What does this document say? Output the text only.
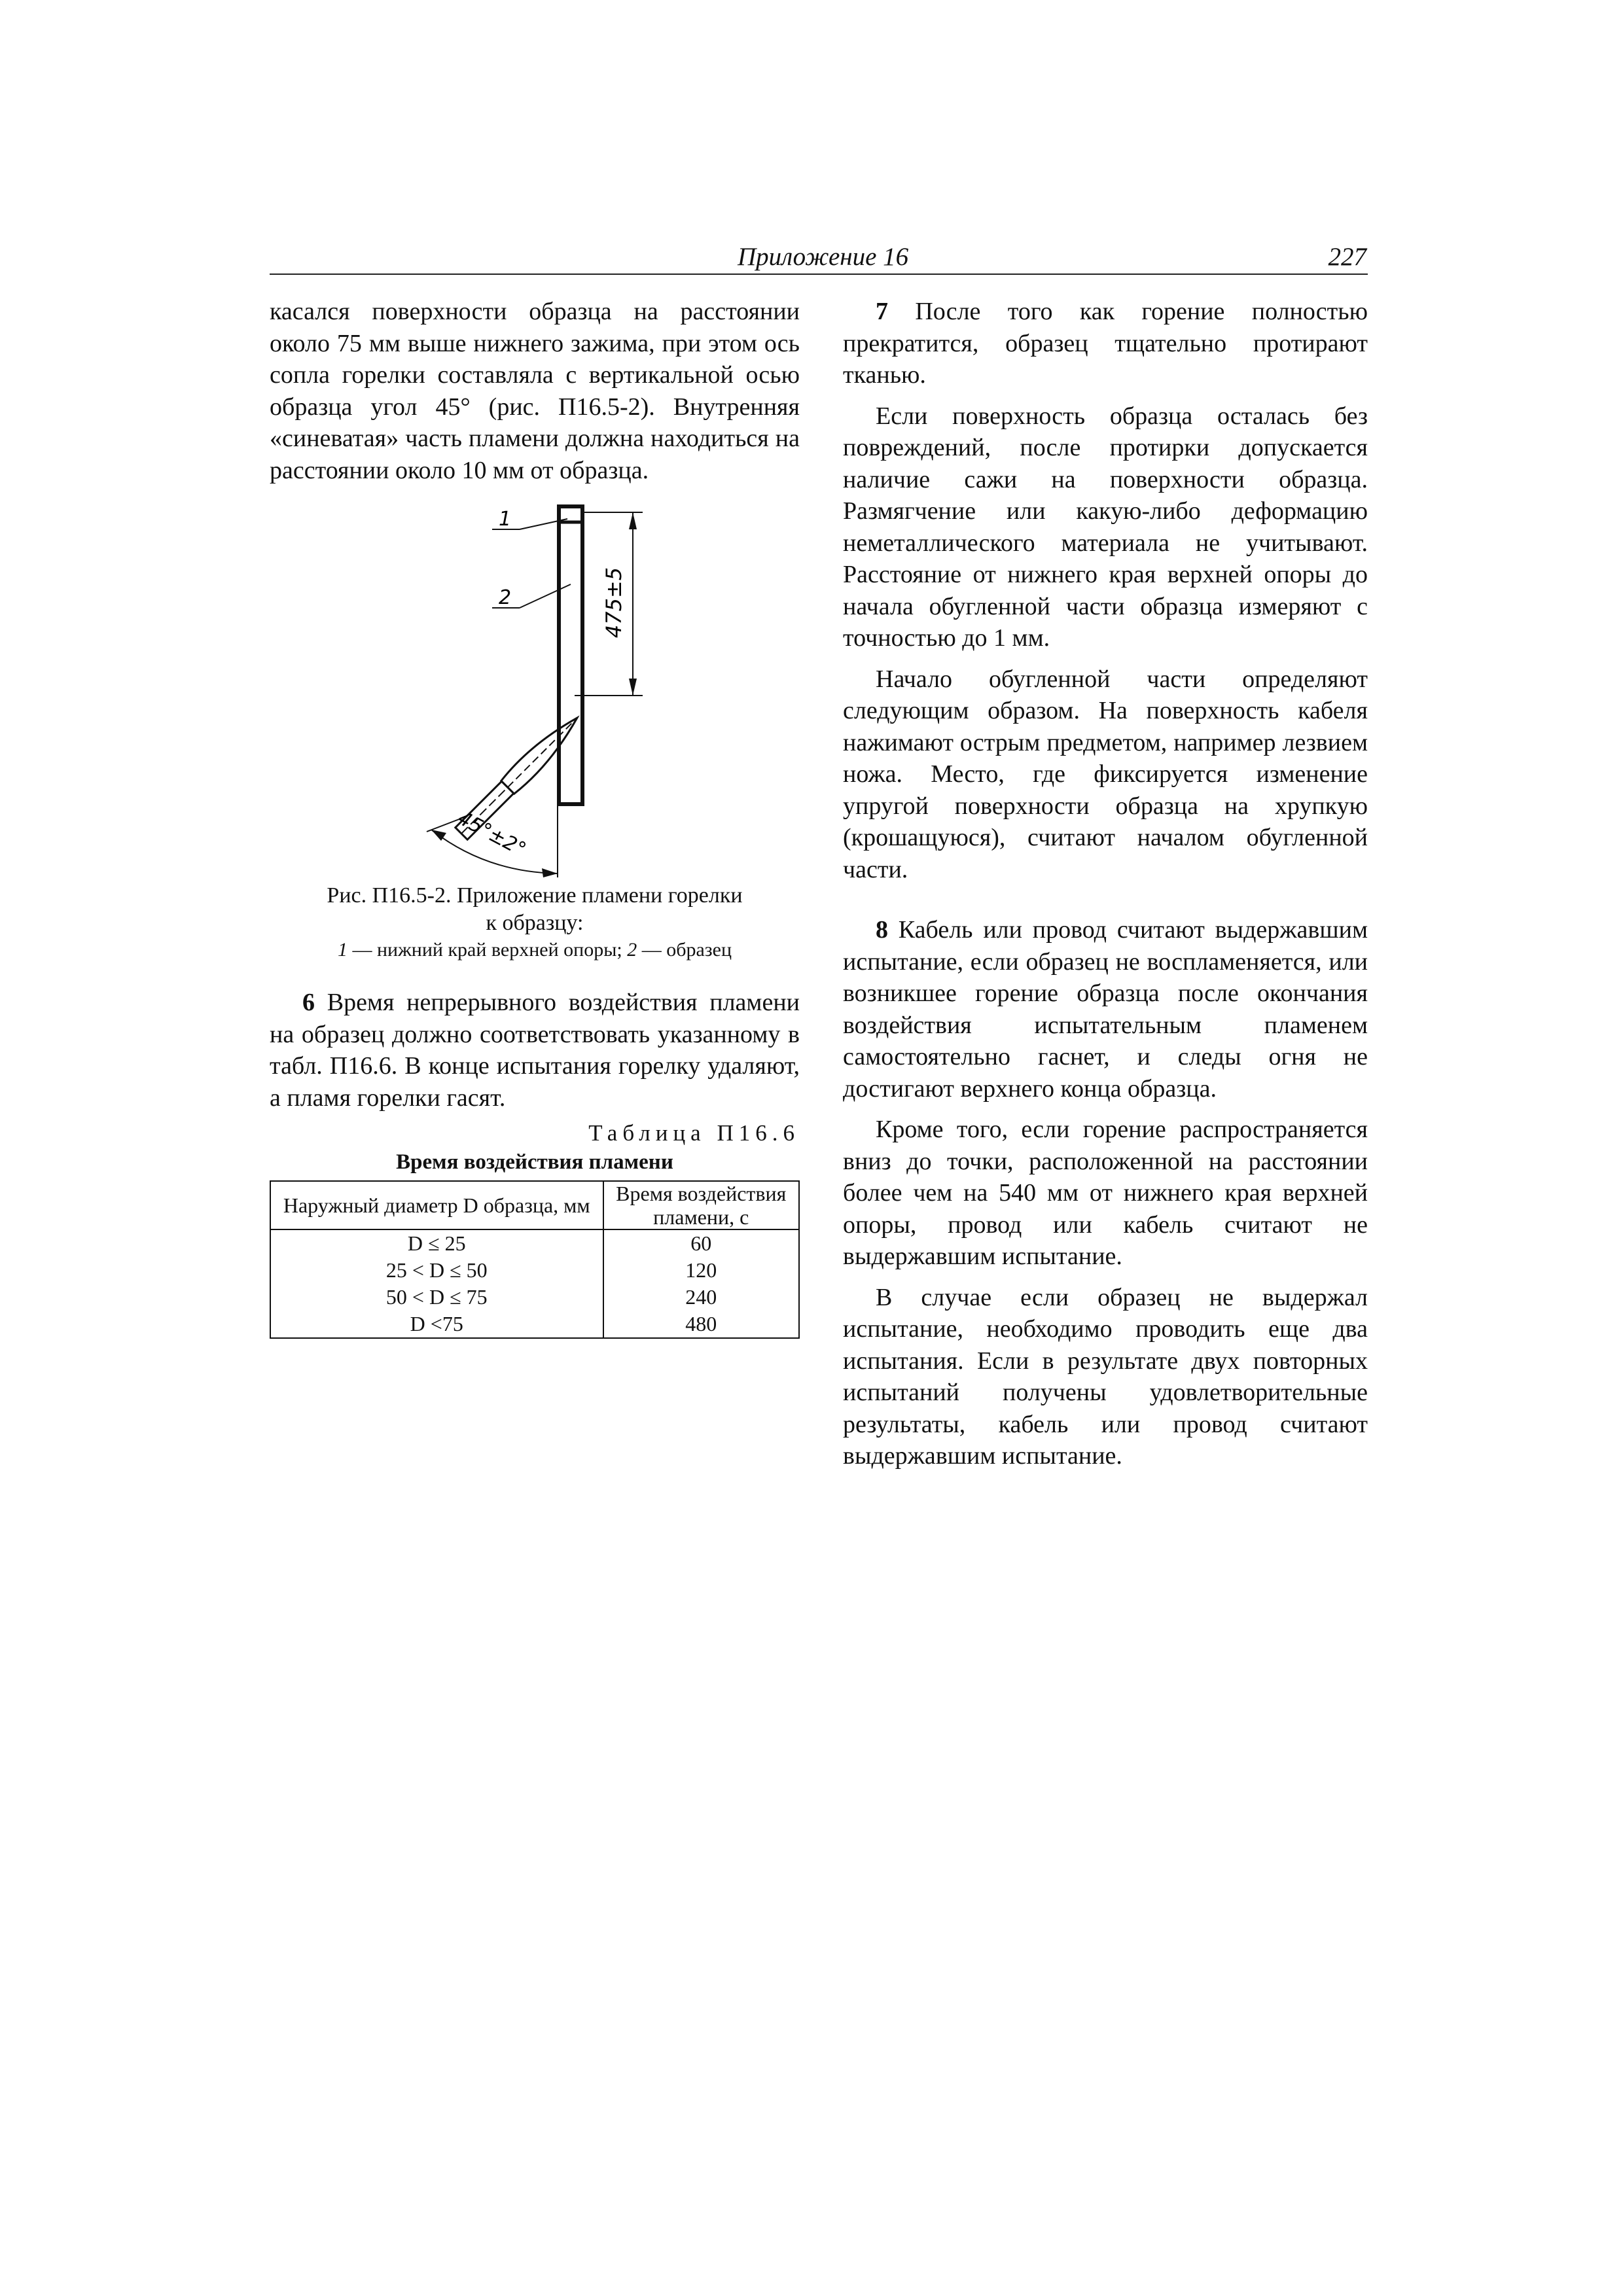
Приложение 16	227

касался поверхности образца на расстоянии около 75 мм выше нижнего зажима, при этом ось сопла горелки составляла с вертикальной осью образца угол 45° (рис. П16.5-2). Внутренняя «синеватая» часть пламени должна находиться на расстоянии около 10 мм от образца.

475±5
1
2
45°±2°
Рис. П16.5-2. Приложение пламени горелки
к образцу:
1 — нижний край верхней опоры; 2 — образец

6 Время непрерывного воздействия пламени на образец должно соответствовать указанному в табл. П16.6. В конце испытания горелку удаляют, а пламя горелки гасят.

Таблица П16.6
Время воздействия пламени
Наружный диаметр D образца, мм	Время воздействия пламени, с
D ≤ 25	60
25 < D ≤ 50	120
50 < D ≤ 75	240
D <75	480

7 После того как горение полностью прекратится, образец тщательно протирают тканью.

Если поверхность образца осталась без повреждений, после протирки допускается наличие сажи на поверхности образца. Размягчение или какую-либо деформацию неметаллического материала не учитывают. Расстояние от нижнего края верхней опоры до начала обугленной части образца измеряют с точностью до 1 мм.

Начало обугленной части определяют следующим образом. На поверхность кабеля нажимают острым предметом, например лезвием ножа. Место, где фиксируется изменение упругой поверхности образца на хрупкую (крошащуюся), считают началом обугленной части.

8 Кабель или провод считают выдержавшим испытание, если образец не воспламеняется, или возникшее горение образца после окончания воздействия испытательным пламенем самостоятельно гаснет, и следы огня не достигают верхнего конца образца.

Кроме того, если горение распространяется вниз до точки, расположенной на расстоянии более чем на 540 мм от нижнего края верхней опоры, провод или кабель считают не выдержавшим испытание.

В случае если образец не выдержал испытание, необходимо проводить еще два испытания. Если в результате двух повторных испытаний получены удовлетворительные результаты, кабель или провод считают выдержавшим испытание.
